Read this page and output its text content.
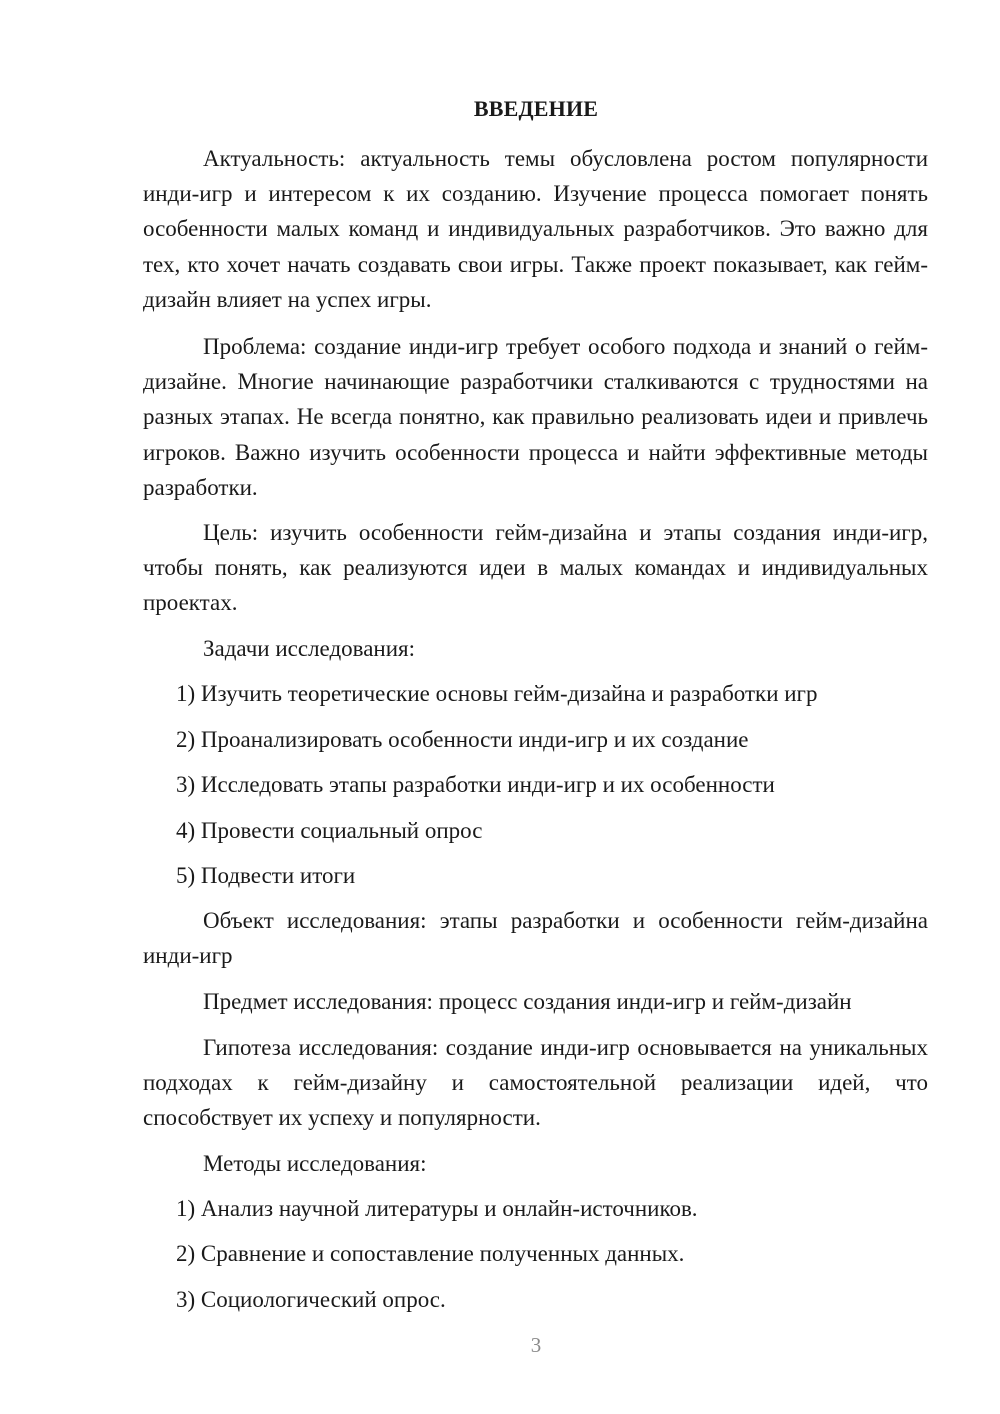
ВВЕДЕНИЕ

Актуальность: актуальность темы обусловлена ростом популярности инди-игр и интересом к их созданию. Изучение процесса помогает понять особенности малых команд и индивидуальных разработчиков. Это важно для тех, кто хочет начать создавать свои игры. Также проект показывает, как гейм-дизайн влияет на успех игры.

Проблема: создание инди-игр требует особого подхода и знаний о гейм-дизайне. Многие начинающие разработчики сталкиваются с трудностями на разных этапах. Не всегда понятно, как правильно реализовать идеи и привлечь игроков. Важно изучить особенности процесса и найти эффективные методы разработки.

Цель: изучить особенности гейм-дизайна и этапы создания инди-игр, чтобы понять, как реализуются идеи в малых командах и индивидуальных проектах.

Задачи исследования:

1) Изучить теоретические основы гейм-дизайна и разработки игр

2) Проанализировать особенности инди-игр и их создание

3) Исследовать этапы разработки инди-игр и их особенности

4) Провести социальный опрос

5) Подвести итоги

Объект исследования: этапы разработки и особенности гейм-дизайна инди-игр

Предмет исследования: процесс создания инди-игр и гейм-дизайн

Гипотеза исследования: создание инди-игр основывается на уникальных подходах к гейм-дизайну и самостоятельной реализации идей, что способствует их успеху и популярности.

Методы исследования:

1) Анализ научной литературы и онлайн-источников.

2) Сравнение и сопоставление полученных данных.

3) Социологический опрос.

3
